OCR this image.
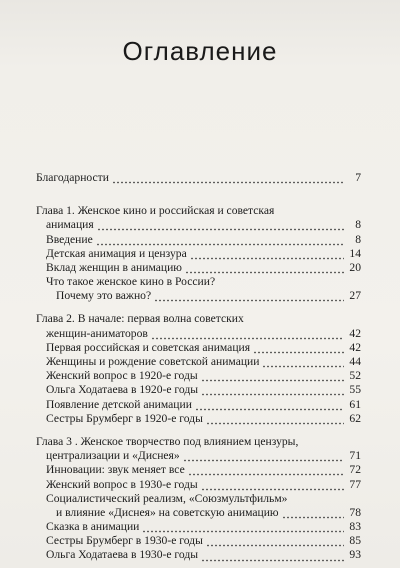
Оглавление
Благодарности	7
Глава 1. Женское кино и российская и советская
анимация	8
Введение	8
Детская анимация и цензура	14
Вклад женщин в анимацию	20
Что такое женское кино в России?
Почему это важно?	27
Глава 2. В начале: первая волна советских
женщин-аниматоров	42
Первая российская и советская анимация	42
Женщины и рождение советской анимации	44
Женский вопрос в 1920-е годы	52
Ольга Ходатаева в 1920-е годы	55
Появление детской анимации	61
Сестры Брумберг в 1920-е годы	62
Глава 3 . Женское творчество под влиянием цензуры,
централизации и «Диснея»	71
Инновации: звук меняет все	72
Женский вопрос в 1930-е годы	77
Социалистический реализм, «Союзмультфильм»
и влияние «Диснея» на советскую анимацию	78
Сказка в анимации	83
Сестры Брумберг в 1930-е годы	85
Ольга Ходатаева в 1930-е годы	93
